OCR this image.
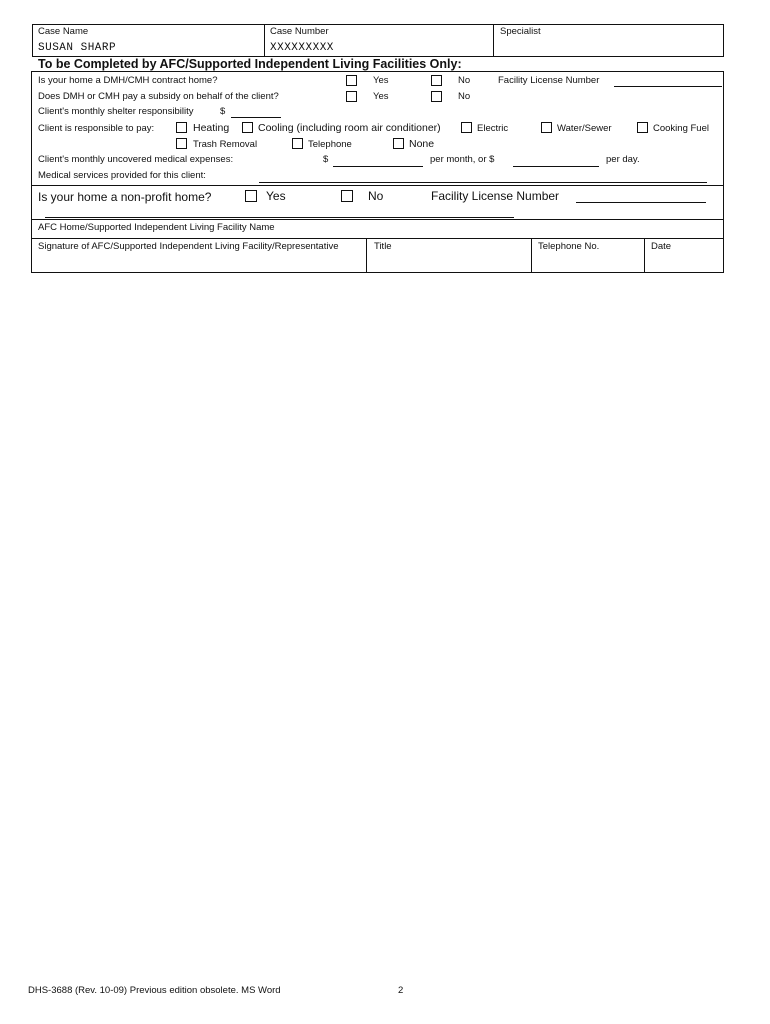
Case Name
SUSAN SHARP
Case Number
XXXXXXXXX
Specialist
To be Completed by AFC/Supported Independent Living Facilities Only:
Is your home a DMH/CMH contract home?	Yes	No	Facility License Number
Does DMH or CMH pay a subsidy on behalf of the client?	Yes	No
Client's monthly shelter responsibility	$
Client is responsible to pay:	Heating	Cooling (including room air conditioner)	Electric	Water/Sewer	Cooking Fuel
Trash Removal	Telephone	None
Client's monthly uncovered medical expenses:	$	per month, or $	per day.
Medical services provided for this client:
Is your home a non-profit home?	Yes	No	Facility License Number
AFC Home/Supported Independent Living Facility Name
Signature of AFC/Supported Independent Living Facility/Representative	Title	Telephone No.	Date
DHS-3688 (Rev. 10-09) Previous edition obsolete. MS Word	2
